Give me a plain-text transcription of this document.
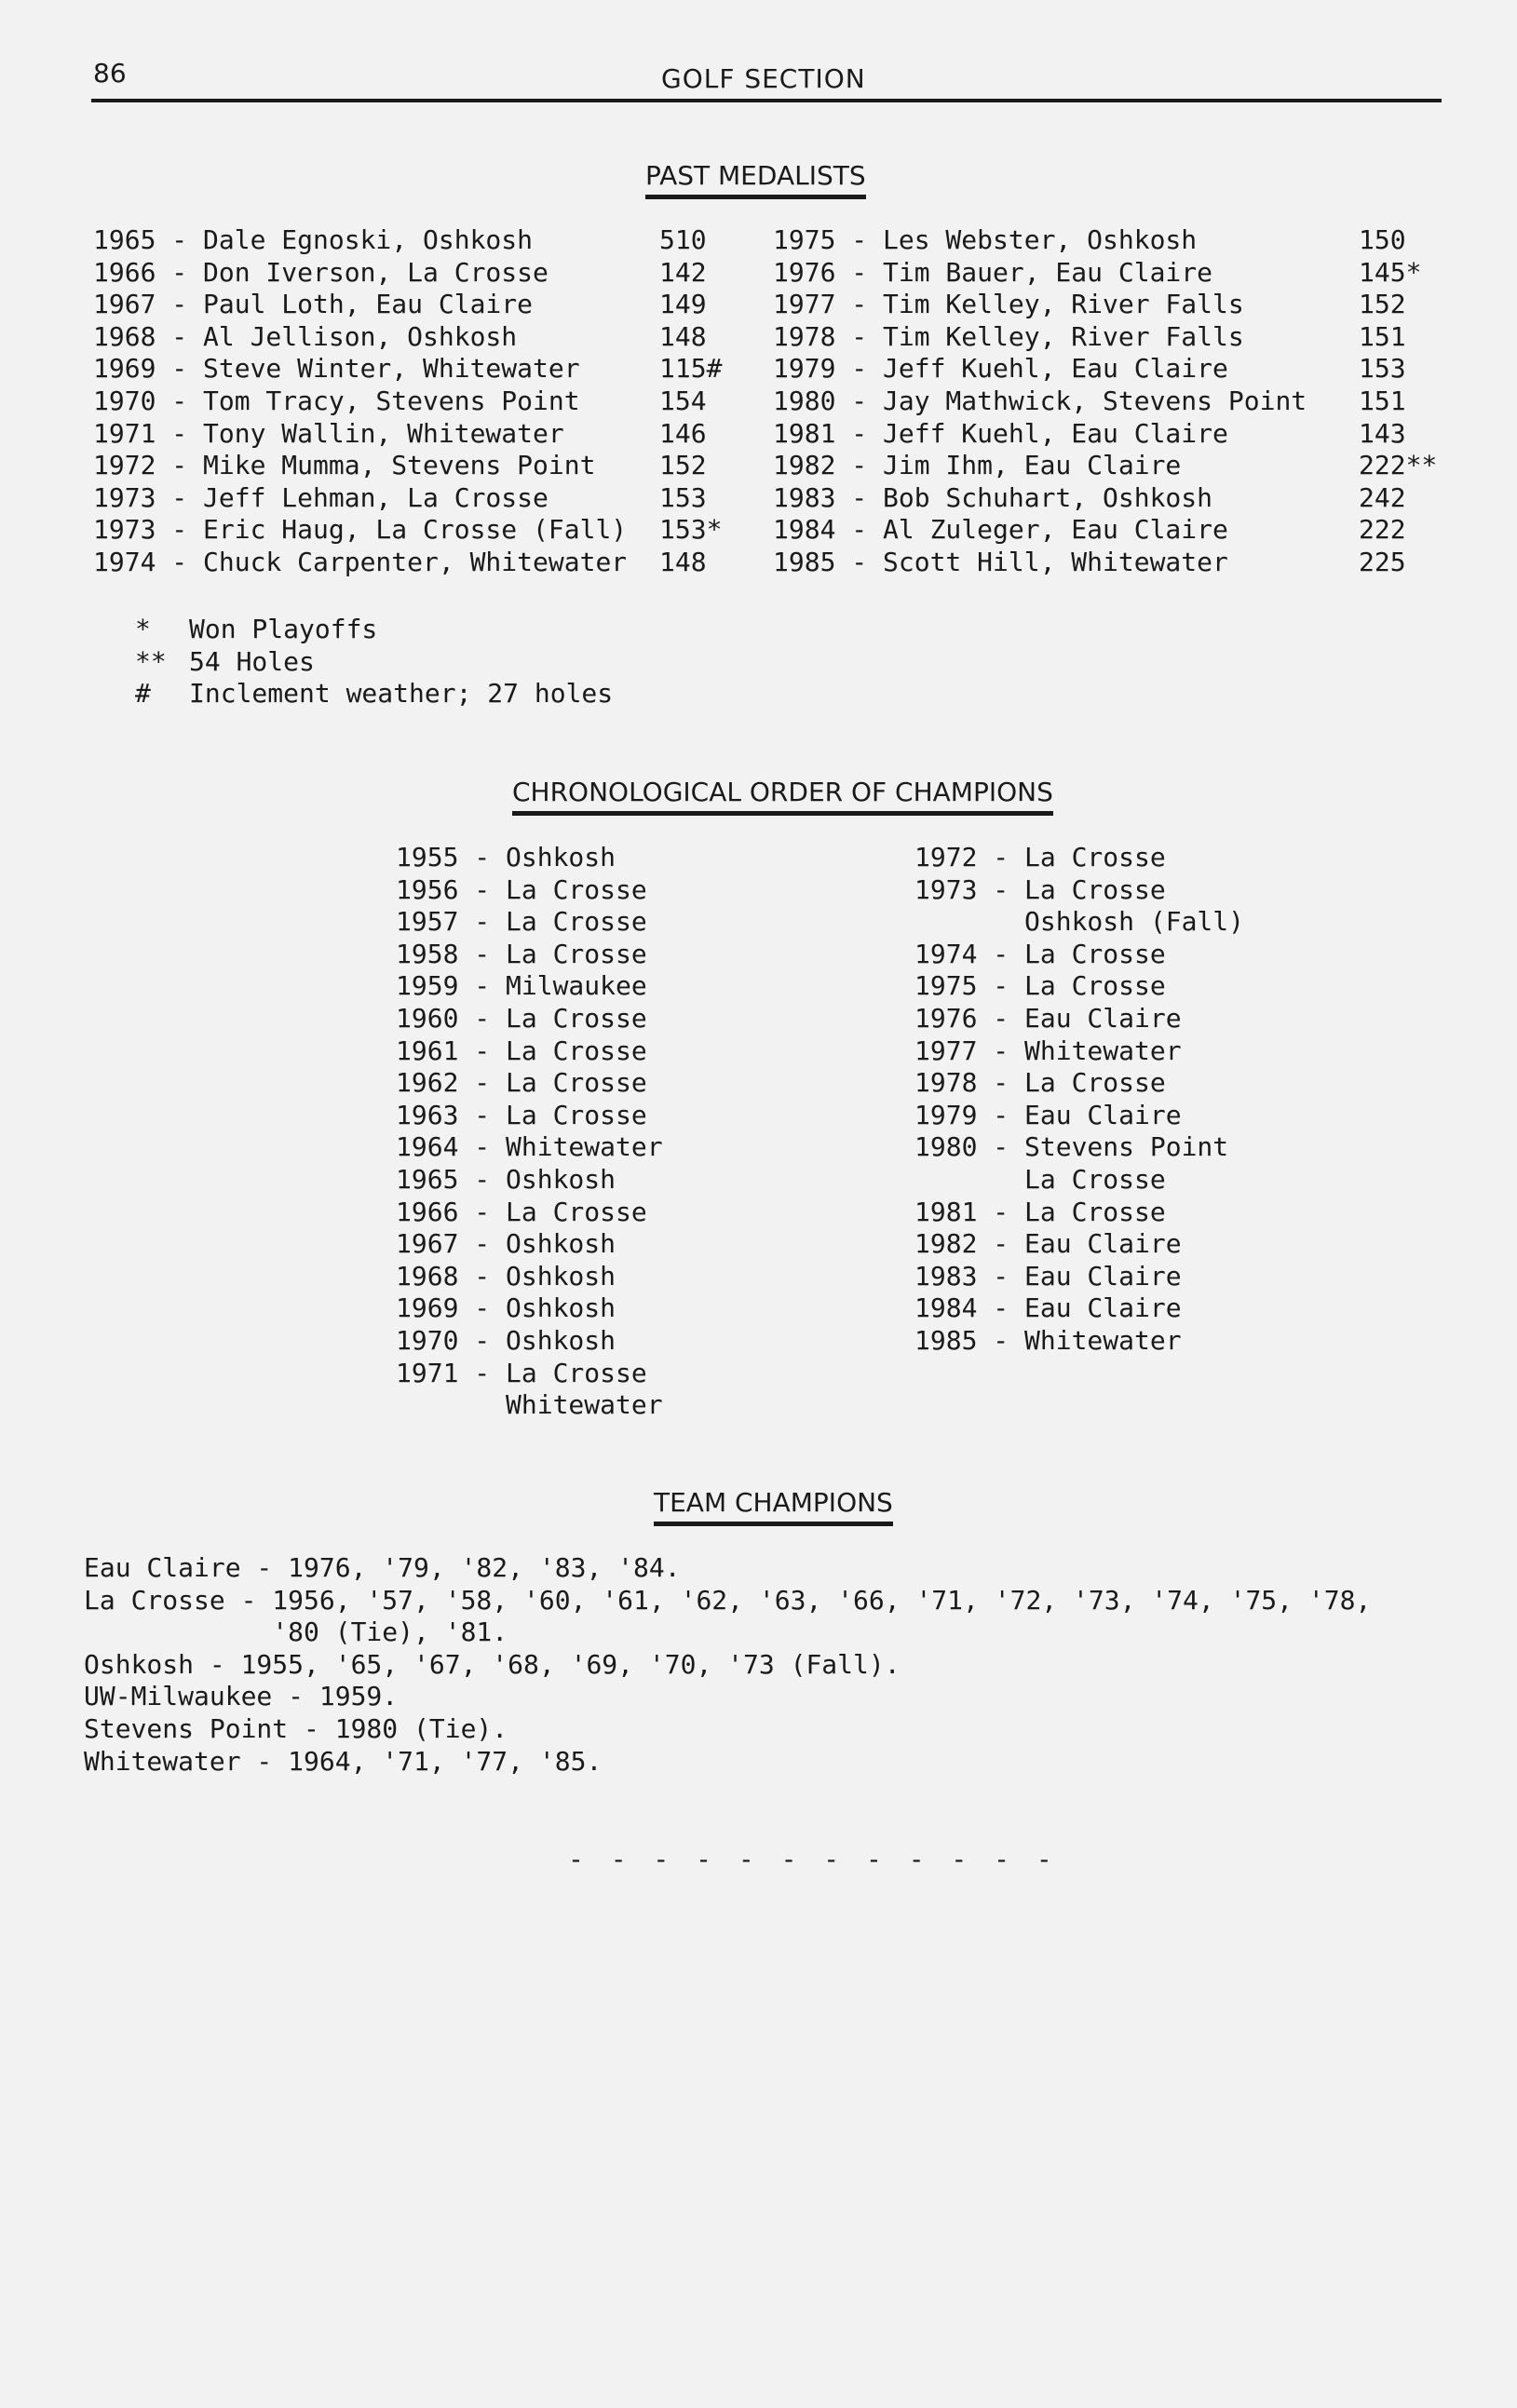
86	GOLF SECTION
PAST MEDALISTS
1965 - Dale Egnoski, Oshkosh
1966 - Don Iverson, La Crosse
1967 - Paul Loth, Eau Claire
1968 - Al Jellison, Oshkosh
1969 - Steve Winter, Whitewater
1970 - Tom Tracy, Stevens Point
1971 - Tony Wallin, Whitewater
1972 - Mike Mumma, Stevens Point
1973 - Jeff Lehman, La Crosse
1973 - Eric Haug, La Crosse (Fall)
1974 - Chuck Carpenter, Whitewater
510
142
149
148
115#
154
146
152
153
153*
148
1975 - Les Webster, Oshkosh
1976 - Tim Bauer, Eau Claire
1977 - Tim Kelley, River Falls
1978 - Tim Kelley, River Falls
1979 - Jeff Kuehl, Eau Claire
1980 - Jay Mathwick, Stevens Point
1981 - Jeff Kuehl, Eau Claire
1982 - Jim Ihm, Eau Claire
1983 - Bob Schuhart, Oshkosh
1984 - Al Zuleger, Eau Claire
1985 - Scott Hill, Whitewater
150
145*
152
151
153
151
143
222**
242
222
225
*
**
#
Won Playoffs
54 Holes
Inclement weather; 27 holes
CHRONOLOGICAL ORDER OF CHAMPIONS
1955 - Oshkosh
1956 - La Crosse
1957 - La Crosse
1958 - La Crosse
1959 - Milwaukee
1960 - La Crosse
1961 - La Crosse
1962 - La Crosse
1963 - La Crosse
1964 - Whitewater
1965 - Oshkosh
1966 - La Crosse
1967 - Oshkosh
1968 - Oshkosh
1969 - Oshkosh
1970 - Oshkosh
1971 - La Crosse
Whitewater
1972 - La Crosse
1973 - La Crosse
Oshkosh (Fall)
1974 - La Crosse
1975 - La Crosse
1976 - Eau Claire
1977 - Whitewater
1978 - La Crosse
1979 - Eau Claire
1980 - Stevens Point
La Crosse
1981 - La Crosse
1982 - Eau Claire
1983 - Eau Claire
1984 - Eau Claire
1985 - Whitewater
TEAM CHAMPIONS
Eau Claire - 1976, '79, '82, '83, '84.
La Crosse - 1956, '57, '58, '60, '61, '62, '63, '66, '71, '72, '73, '74, '75, '78,
'80 (Tie), '81.
Oshkosh - 1955, '65, '67, '68, '69, '70, '73 (Fall).
UW-Milwaukee - 1959.
Stevens Point - 1980 (Tie).
Whitewater - 1964, '71, '77, '85.
- - - - - - - - - - - -
